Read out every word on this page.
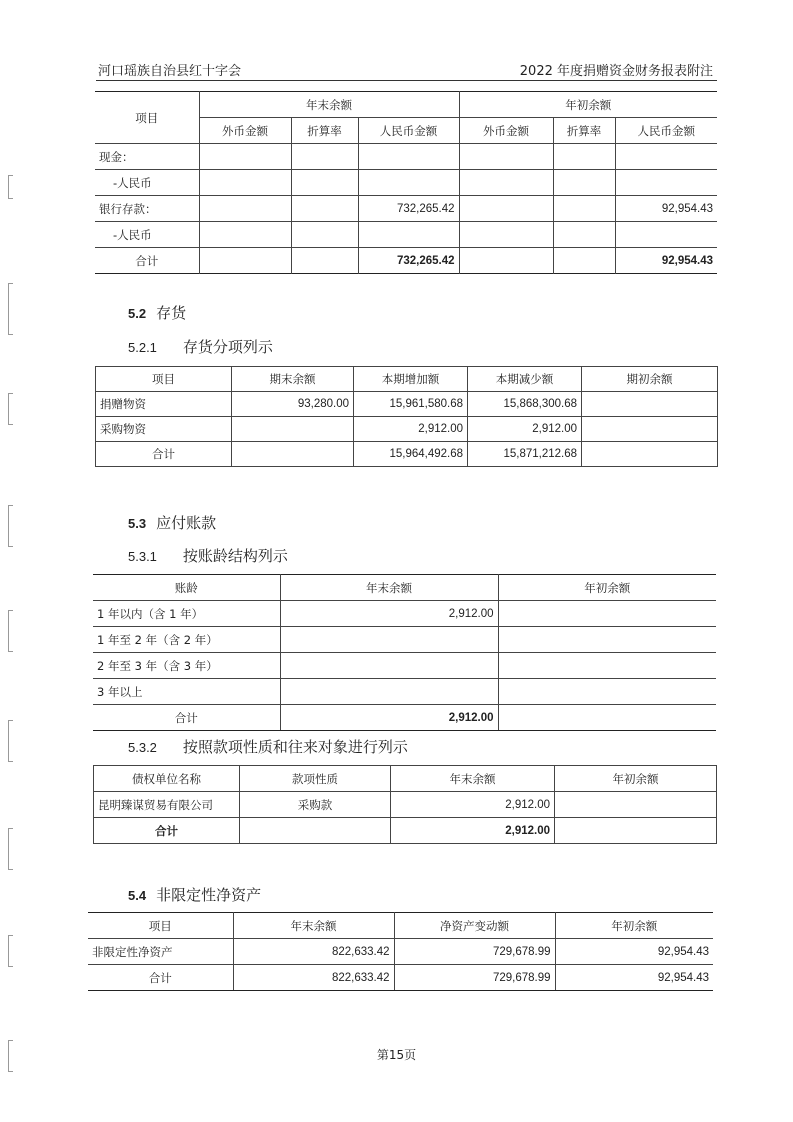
河口瑶族自治县红十字会	2022 年度捐赠资金财务报表附注
项目	年末余额			年初余额		
	外币金额	折算率	人民币金额	外币金额	折算率	人民币金额
现金：						
-人民币						
银行存款：			732,265.42			92,954.43
-人民币						
合计			732,265.42			92,954.43
5.2 存货
5.2.1 存货分项列示
项目	期末余额	本期增加额	本期减少额	期初余额
捐赠物资	93,280.00	15,961,580.68	15,868,300.68	
采购物资		2,912.00	2,912.00	
合计		15,964,492.68	15,871,212.68	
5.3 应付账款
5.3.1 按账龄结构列示
账龄	年末余额	年初余额
1 年以内（含 1 年）	2,912.00	
1 年至 2 年（含 2 年）		
2 年至 3 年（含 3 年）		
3 年以上		
合计	2,912.00	
5.3.2 按照款项性质和往来对象进行列示
债权单位名称	款项性质	年末余额	年初余额
昆明臻谋贸易有限公司	采购款	2,912.00	
合计		2,912.00	
5.4 非限定性净资产
项目	年末余额	净资产变动额	年初余额
非限定性净资产	822,633.42	729,678.99	92,954.43
合计	822,633.42	729,678.99	92,954.43
第15页
